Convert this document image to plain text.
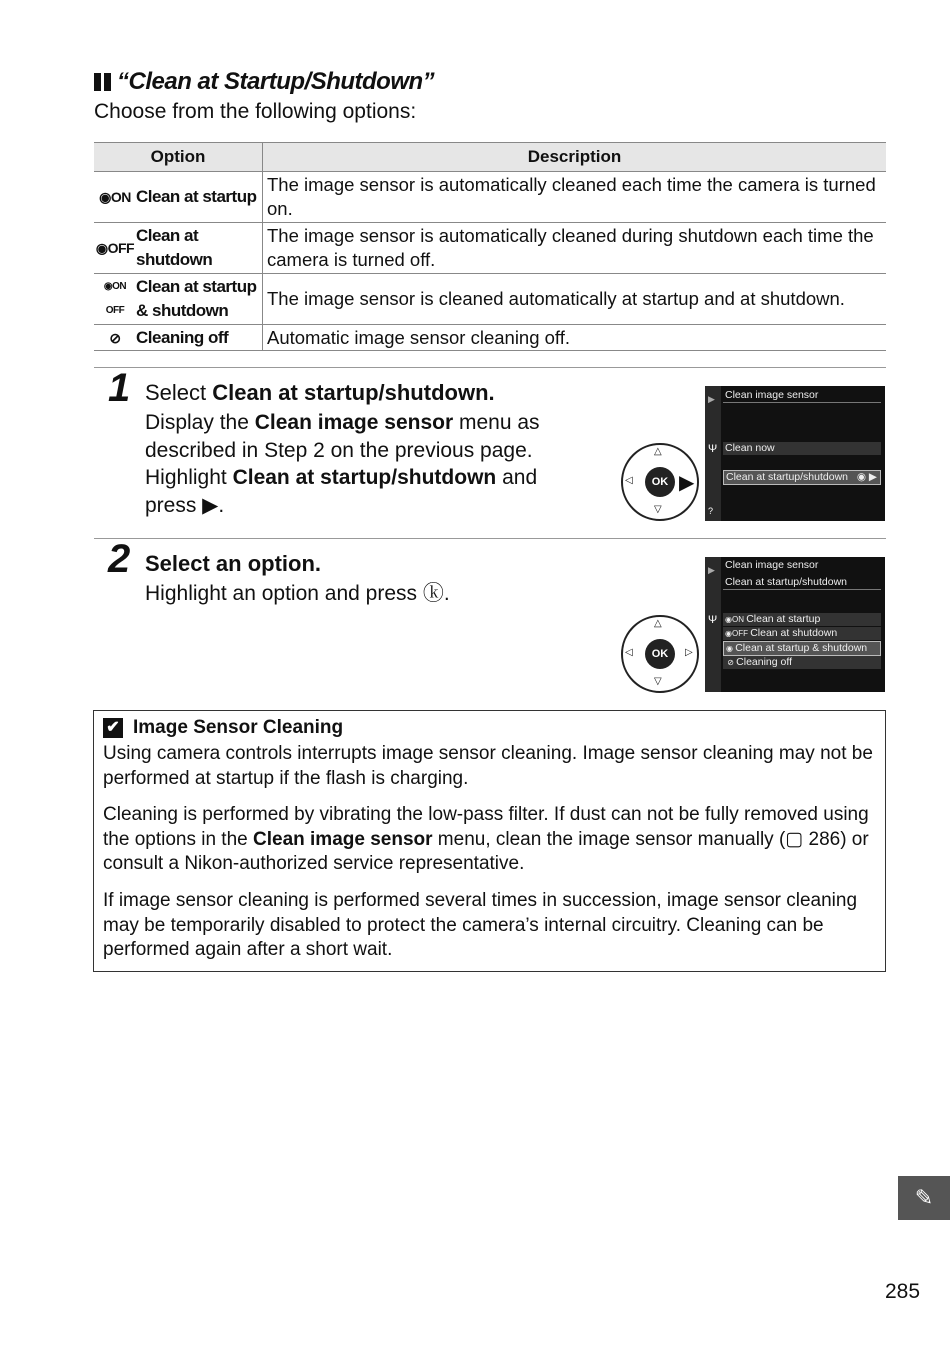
“Clean at Startup/Shutdown”
Choose from the following options:
Option	Description

◉ON Clean at startup	The image sensor is automatically cleaned each time the camera is turned on.

◉OFF
Clean at
shutdown	The image sensor is automatically cleaned during shutdown each time the camera is turned off.

◉ON OFF
Clean at startup
& shutdown	The image sensor is cleaned automatically at startup and at shutdown.

⊘ Cleaning off	Automatic image sensor cleaning off.
1 Select Clean at startup/shutdown.
Display the Clean image sensor menu as described in Step 2 on the previous page. Highlight Clean at startup/shutdown and press ▶.
OK ▶
△
▽
◁
▶
Ψ
?
Clean image sensor
Clean now
Clean at startup/shutdown ◉ ▶
2 Select an option.
Highlight an option and press ⓚ.
OK
△
▽
◁	▷
▶
Ψ
Clean image sensor
Clean at startup/shutdown
◉ON Clean at startup
◉OFF Clean at shutdown
◉ Clean at startup & shutdown
⊘ Cleaning off
✔ Image Sensor Cleaning

Using camera controls interrupts image sensor cleaning. Image sensor cleaning may not be performed at startup if the flash is charging.

Cleaning is performed by vibrating the low-pass filter. If dust can not be fully removed using the options in the Clean image sensor menu, clean the image sensor manually (▢ 286) or consult a Nikon-authorized service representative.

If image sensor cleaning is performed several times in succession, image sensor cleaning may be temporarily disabled to protect the camera’s internal circuitry. Cleaning can be performed again after a short wait.

✎
285
